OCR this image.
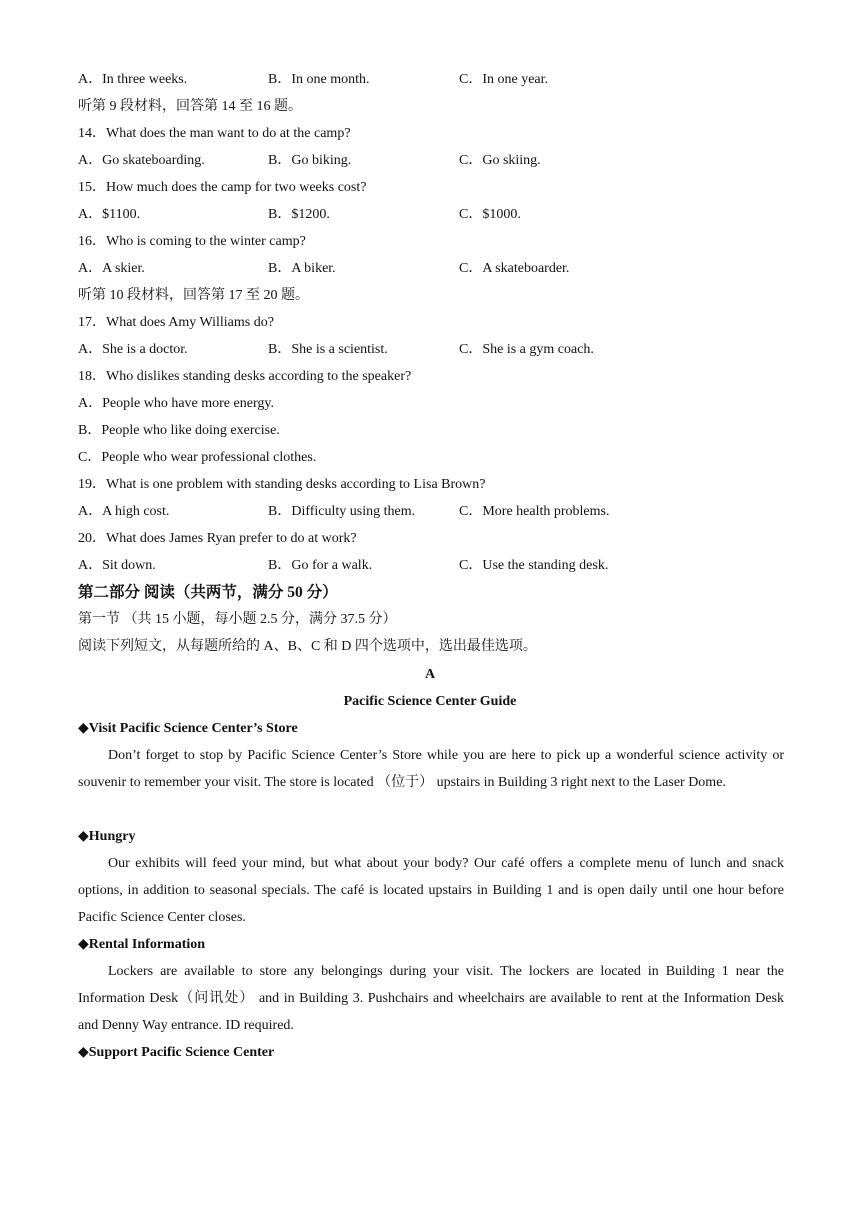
A．In three weeks.	B．In one month.	C．In one year.
听第 9 段材料，回答第 14 至 16 题。
14．What does the man want to do at the camp?
A．Go skateboarding.	B．Go biking.	C．Go skiing.
15．How much does the camp for two weeks cost?
A．$1100.	B．$1200.	C．$1000.
16．Who is coming to the winter camp?
A．A skier.	B．A biker.	C．A skateboarder.
听第 10 段材料，回答第 17 至 20 题。
17．What does Amy Williams do?
A．She is a doctor.	B．She is a scientist.	C．She is a gym coach.
18．Who dislikes standing desks according to the speaker?
A．People who have more energy.
B．People who like doing exercise.
C．People who wear professional clothes.
19．What is one problem with standing desks according to Lisa Brown?
A．A high cost.	B．Difficulty using them.	C．More health problems.
20．What does James Ryan prefer to do at work?
A．Sit down.	B．Go for a walk.	C．Use the standing desk.
第二部分 阅读（共两节，满分 50 分）
第一节 （共 15 小题，每小题 2.5 分，满分 37.5 分）
阅读下列短文，从每题所给的 A、B、C 和 D 四个选项中，选出最佳选项。
A
Pacific Science Center Guide
◆Visit Pacific Science Center’s Store
Don’t forget to stop by Pacific Science Center’s Store while you are here to pick up a wonderful science activity or souvenir to remember your visit. The store is located （位于） upstairs in Building 3 right next to the Laser Dome.
◆Hungry
Our exhibits will feed your mind, but what about your body? Our café offers a complete menu of lunch and snack options, in addition to seasonal specials. The café is located upstairs in Building 1 and is open daily until one hour before Pacific Science Center closes.
◆Rental Information
Lockers are available to store any belongings during your visit. The lockers are located in Building 1 near the Information Desk（问讯处） and in Building 3. Pushchairs and wheelchairs are available to rent at the Information Desk and Denny Way entrance. ID required.
◆Support Pacific Science Center
